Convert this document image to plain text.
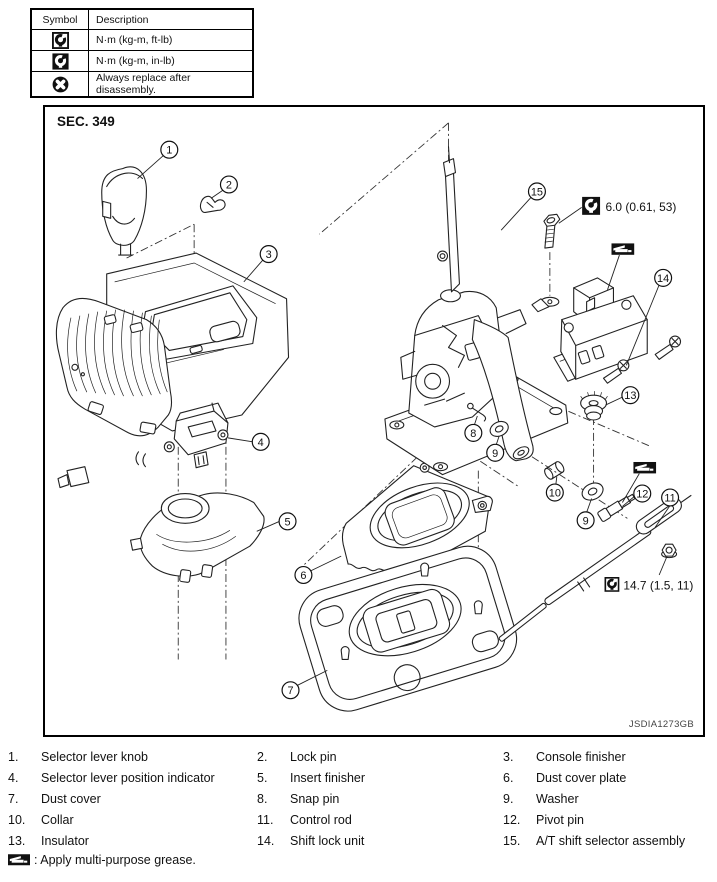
Symbol	Description

	N·m (kg-m, ft-lb)

	N·m (kg-m, in-lb)

	Always replace after disassembly.
6.0 (0.61, 53)
14.7 (1.5, 11)
1
2
3
4
5
6
7
8
9
10
9
12 11
13
14
15
SEC. 349
JSDIA1273GB
1.	Selector lever knob	2.	Lock pin	3.	Console finisher
4.	Selector lever position indicator	5.	Insert finisher	6.	Dust cover plate
7.	Dust cover	8.	Snap pin	9.	Washer
10.	Collar	11.	Control rod	12.	Pivot pin
13.	Insulator	14.	Shift lock unit	15.	A/T shift selector assembly
: Apply multi-purpose grease.
